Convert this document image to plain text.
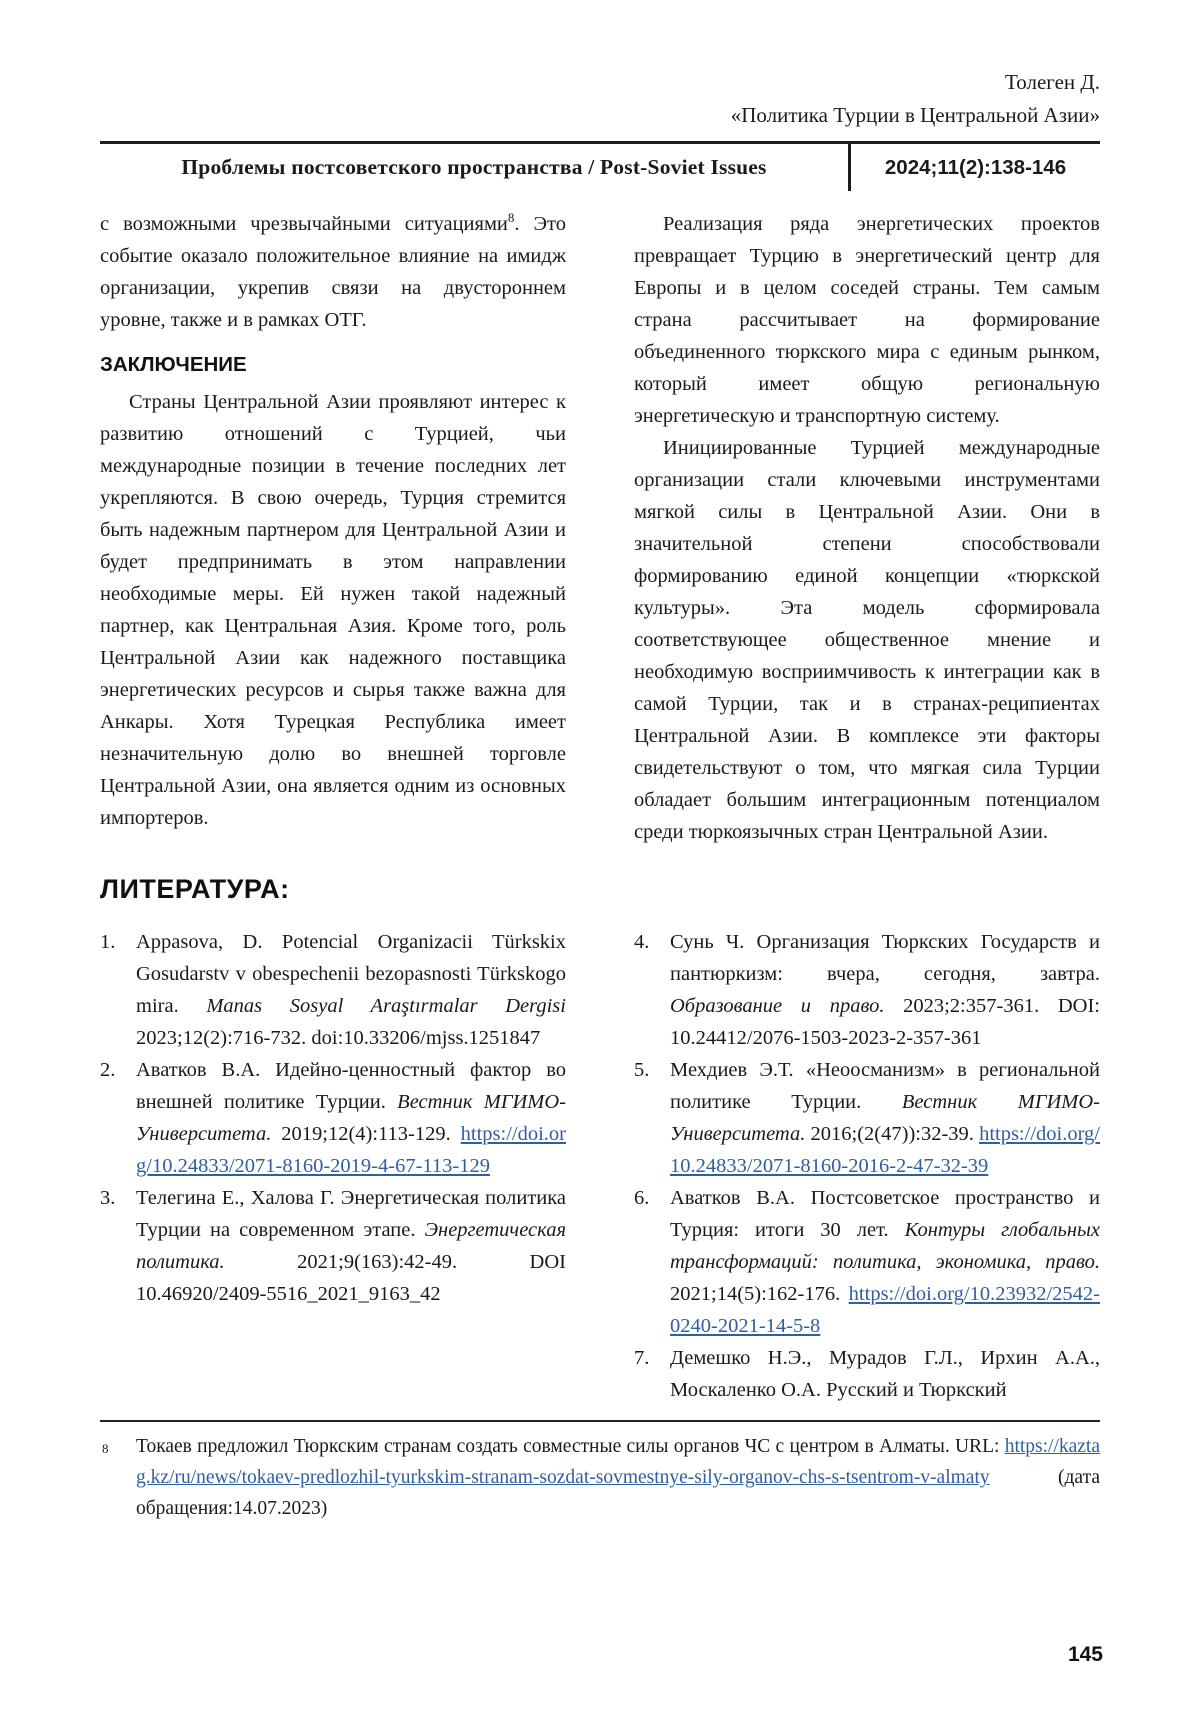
Толеген Д.
«Политика Турции в Центральной Азии»
Проблемы постсоветского пространства / Post-Soviet Issues	2024;11(2):138-146

с возможными чрезвычайными ситуациями$^8$. Это событие оказало положительное влияние на имидж организации, укрепив связи на двустороннем уровне, также и в рамках ОТГ.

ЗАКЛЮЧЕНИЕ

Страны Центральной Азии проявляют интерес к развитию отношений с Турцией, чьи международные позиции в течение последних лет укрепляются. В свою очередь, Турция стремится быть надежным партнером для Центральной Азии и будет предпринимать в этом направлении необходимые меры. Ей нужен такой надежный партнер, как Центральная Азия. Кроме того, роль Центральной Азии как надежного поставщика энергетических ресурсов и сырья также важна для Анкары. Хотя Турецкая Республика имеет незначительную долю во внешней торговле Центральной Азии, она является одним из основных импортеров.

ЛИТЕРАТУРА:

Реализация ряда энергетических проектов превращает Турцию в энергетический центр для Европы и в целом соседей страны. Тем самым страна рассчитывает на формирование объединенного тюркского мира с единым рынком, который имеет общую региональную энергетическую и транспортную систему.

Инициированные Турцией международные организации стали ключевыми инструментами мягкой силы в Центральной Азии. Они в значительной степени способствовали формированию единой концепции «тюркской культуры». Эта модель сформировала соответствующее общественное мнение и необходимую восприимчивость к интеграции как в самой Турции, так и в странах-реципиентах Центральной Азии. В комплексе эти факторы свидетельствуют о том, что мягкая сила Турции обладает большим интеграционным потенциалом среди тюркоязычных стран Центральной Азии.

1.	Appasova, D. Potencial Organizacii Türkskix Gosudarstv v obespechenii bezopasnosti Türkskogo mira. Manas Sosyal Araştırmalar Dergisi 2023;12(2):716-732. doi:10.33206/mjss.1251847
2.	Аватков В.А. Идейно-ценностный фактор во внешней политике Турции. Вестник МГИМО-Университета. 2019;12(4):113-129. https://doi.org/10.24833/2071-8160-2019-4-67-113-129
3.	Телегина Е., Халова Г. Энергетическая политика Турции на современном этапе. Энергетическая политика. 2021;9(163):42-49. DOI 10.46920/2409-5516_2021_9163_42
4.	Сунь Ч. Организация Тюркских Государств и пантюркизм: вчера, сегодня, завтра. Образование и право. 2023;2:357-361. DOI: 10.24412/2076-1503-2023-2-357-361
5.	Мехдиев Э.Т. «Неоосманизм» в региональной политике Турции. Вестник МГИМО-Университета. 2016;(2(47)):32-39. https://doi.org/10.24833/2071-8160-2016-2-47-32-39
6.	Аватков В.А. Постсоветское пространство и Турция: итоги 30 лет. Контуры глобальных трансформаций: политика, экономика, право. 2021;14(5):162-176. https://doi.org/10.23932/2542-0240-2021-14-5-8
7.	Демешко Н.Э., Мурадов Г.Л., Ирхин А.А., Москаленко О.А. Русский и Тюркский
8	Токаев предложил Тюркским странам создать совместные силы органов ЧС с центром в Алматы. URL: https://kaztag.kz/ru/news/tokaev-predlozhil-tyurkskim-stranam-sozdat-sovmestnye-sily-organov-chs-s-tsentrom-v-almaty (дата обращения:14.07.2023)
145
